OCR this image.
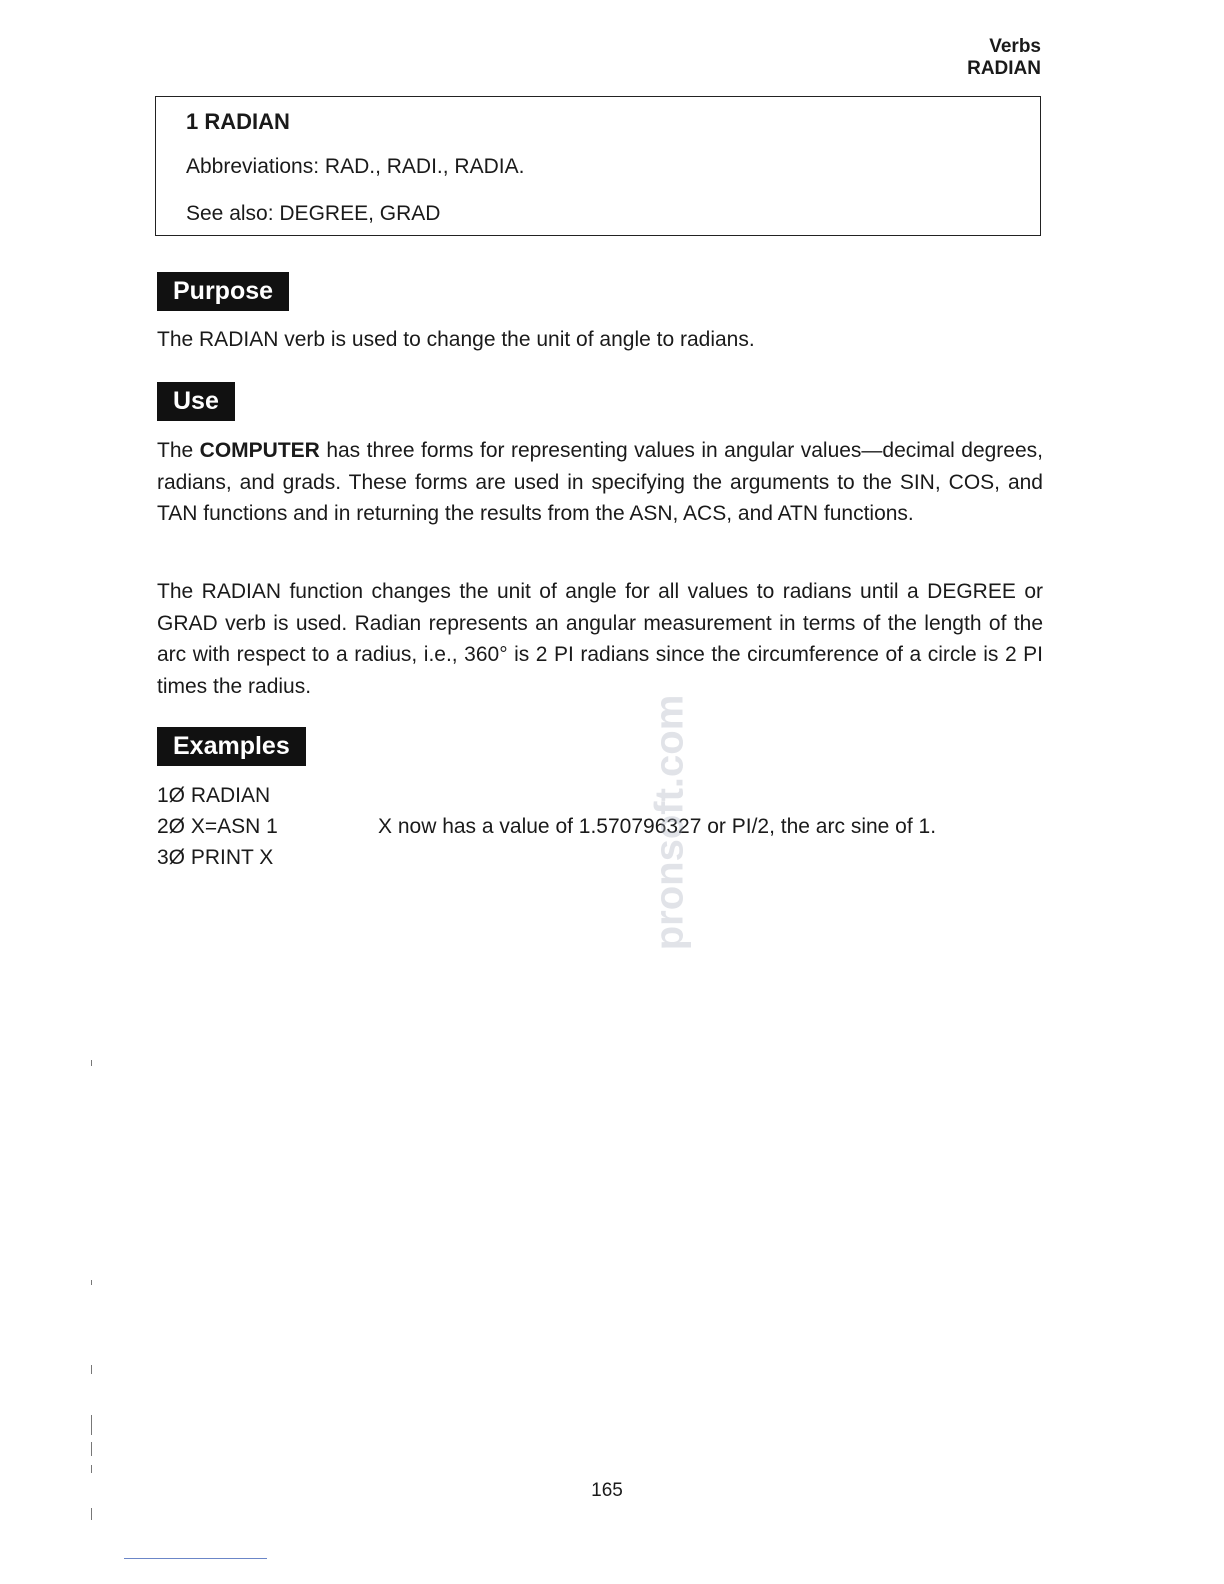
Verbs
RADIAN
1 RADIAN
Abbreviations: RAD., RADI., RADIA.
See also: DEGREE, GRAD
Purpose

The RADIAN verb is used to change the unit of angle to radians.

Use

The COMPUTER has three forms for representing values in angular values—decimal degrees, radians, and grads. These forms are used in specifying the arguments to the SIN, COS, and TAN functions and in returning the results from the ASN, ACS, and ATN functions.

The RADIAN function changes the unit of angle for all values to radians until a DEGREE or GRAD verb is used. Radian represents an angular measurement in terms of the length of the arc with respect to a radius, i.e., 360° is 2 PI radians since the circumference of a circle is 2 PI times the radius.

Examples
1Ø RADIAN
2Ø X=ASN 1	X now has a value of 1.570796327 or PI/2, the arc sine of 1.
3Ø PRINT X	pronsoft.com
165
